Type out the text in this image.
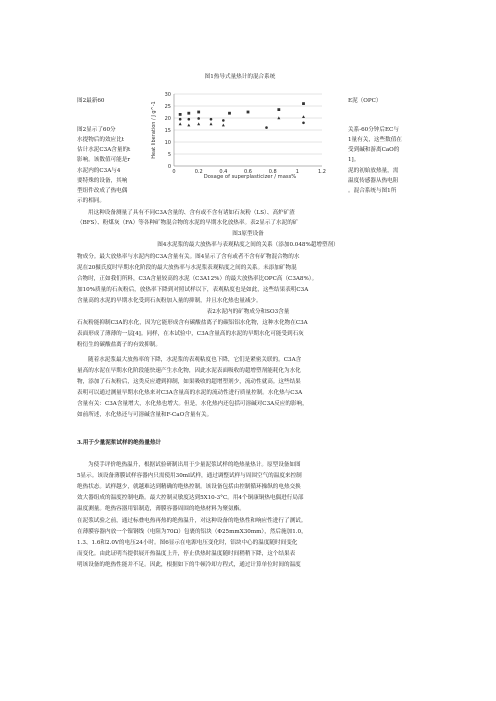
图1热导式量热计的混合系统
图2最新60
图2显示了60分
水提物后的效应比t
估计水泥C3A含量的t
影响。该数值可能是r
水泥内的C3A与4
要特殊的设备，其响
型组件改成了热电偶
示的相同。
E泥（OPC）
关系-60分钟后EC与
1量有关，这些数值在
受到碱和游离CaO的
1]。
泥的初始放热量，需
温度传感器从热电阻
。混合系统与图1所
0
5
10
15
20
25
30
0	0.2	0.4	0.6	0.8	1	1.2
Dosage of superplasticizer / mass%
Heat liberation / J g^-1
用这种设备测量了具有不同C3A含量的、含有或不含有诸如石灰粉（LS）、高炉矿渣
（BFS）、粉煤灰（FA）等各种矿物混合物的水泥的早期水化放热率。表2显示了水泥的矿
图3原型设备
图4水泥浆的最大放热率与表观粘度之间的关系（添加0.048%超增塑剂）
物成分。最大放热率与水泥内的C3A含量有关。图4显示了含有或者不含有矿物混合物的水
泥在20摄氏度时早期水化阶段的最大放热率与水泥浆表观粘度之间的关系。未添加矿物混
合物时，正如我们所料，C3A含量较高的水泥（C3A12%）的最大放热率比OPC高（C3A8%）。
加10%质量的石灰粉后，放热率下降到对照试样以下，表观粘度也是如此，这些结果表明C3A
含量高的水泥的早期水化受到石灰粉加入量的抑制，并且水化热也量减少。
表2水泥内的矿物成分和SO3含量
石灰粉能抑制C3A的水化，因为它能形成含有碳酸盐离子的碳铝铝水化物，这种水化物在C3A
表面形成了薄薄的一层[4]。同样，在本试验中，C3A含量高的水泥的早期水化可能受到石灰
粉衍生的碳酸盐离子的有效抑制。
随着水泥浆最大放热率的下降，水泥浆的表观粘度也下降，它们是紧密关联的。C3A含
量高的水泥在早期水化阶段能快速产生水化物，因此水泥表面吸收的超增塑剂能耗化为水化
物，添加了石灰粉后，这类反应遭到抑制，如果吸收的超增塑剂少，流动性就高。这些结果
表明可以通过测量早期水化热来对C3A含量高的水泥的流动性进行质量控制。水化热与C3A
含量有关：C3A含量增大，水化热也增大。但是，水化热内还包括可溶碱对C3A反应的影响，
如前所述，水化热还与可溶碱含量和F-CaO含量有关。
3.用于少量泥浆试样的绝热量热计
为使手评价绝热温升，根据试验研制出用于少量泥浆试样的绝热量热计。原型设备如图
5显示。该设备薄膜试样容器内只需使用30ml试样，通过调整试样与周围空气的温度来控制
绝热状态。试样越少，就越难达到精确的绝热控制。该设备包括由控制循环操纵的电热交换
效大器组成的温度控制电路。最大控制灵敏度达到5X10-3°C。用4个铜康铜热电偶进行局部
温度测量。绝热容器用铝制造，薄膜容器周围的绝热材料为聚氨酯。
在泥浆试验之前，通过标叠电热再热的绝热温升，对这种设备的绝热性和响应性进行了测试。
在薄膜容器内放一个镍钢线（电阻为70Ω）包裹的铝块（Φ25mmX30mm），然后施加1.0，
1.3、1.6和2.0V的电压24小时。图6显示在电源电压变化时，铝块中心的温度随时间变化
而变化。由此证明当提供展开热温度上升，停止供热时温度随时间稍稍下降，这个结果表
明该设备的绝热性能并不足。因此，根据如下的牛顿冷却方程式，通过计算单位时间的温度
